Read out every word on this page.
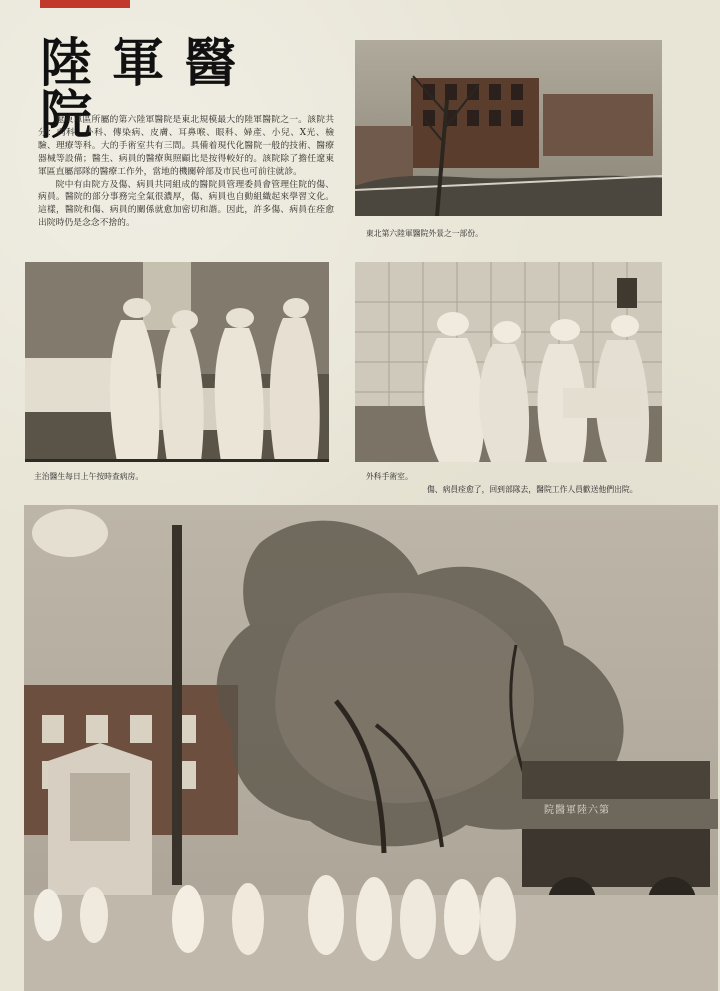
陸軍醫院

遼東軍區所屬的第六陸軍醫院是東北規模最大的陸軍醫院之一。該院共分：內科、外科、傳染病、皮膚、耳鼻喉、眼科、婦產、小兒、X光、檢驗、理療等科。大的手術室共有三間。具備着現代化醫院一般的技術、醫療器械等設備；醫生、病員的醫療與照顧比是按得較好的。該院除了擔任遼東軍區直屬部隊的醫療工作外，當地的機關幹部及市民也可前往就診。

院中有由院方及傷、病員共同組成的醫院員管理委員會管理住院的傷、病員。醫院的部分事務完全氣很濃厚，傷、病員也自動組織起來學習文化。這樣，醫院和傷、病員的關係就愈加密切和諧。因此，許多傷、病員在痊愈出院時仍是念念不捨的。

東北第六陸軍醫院外景之一部份。
主治醫生每日上午按時查病房。	外科手術室。
傷、病員痊愈了，回到部隊去，醫院工作人員歡送他們出院。
院醫軍陸六第
